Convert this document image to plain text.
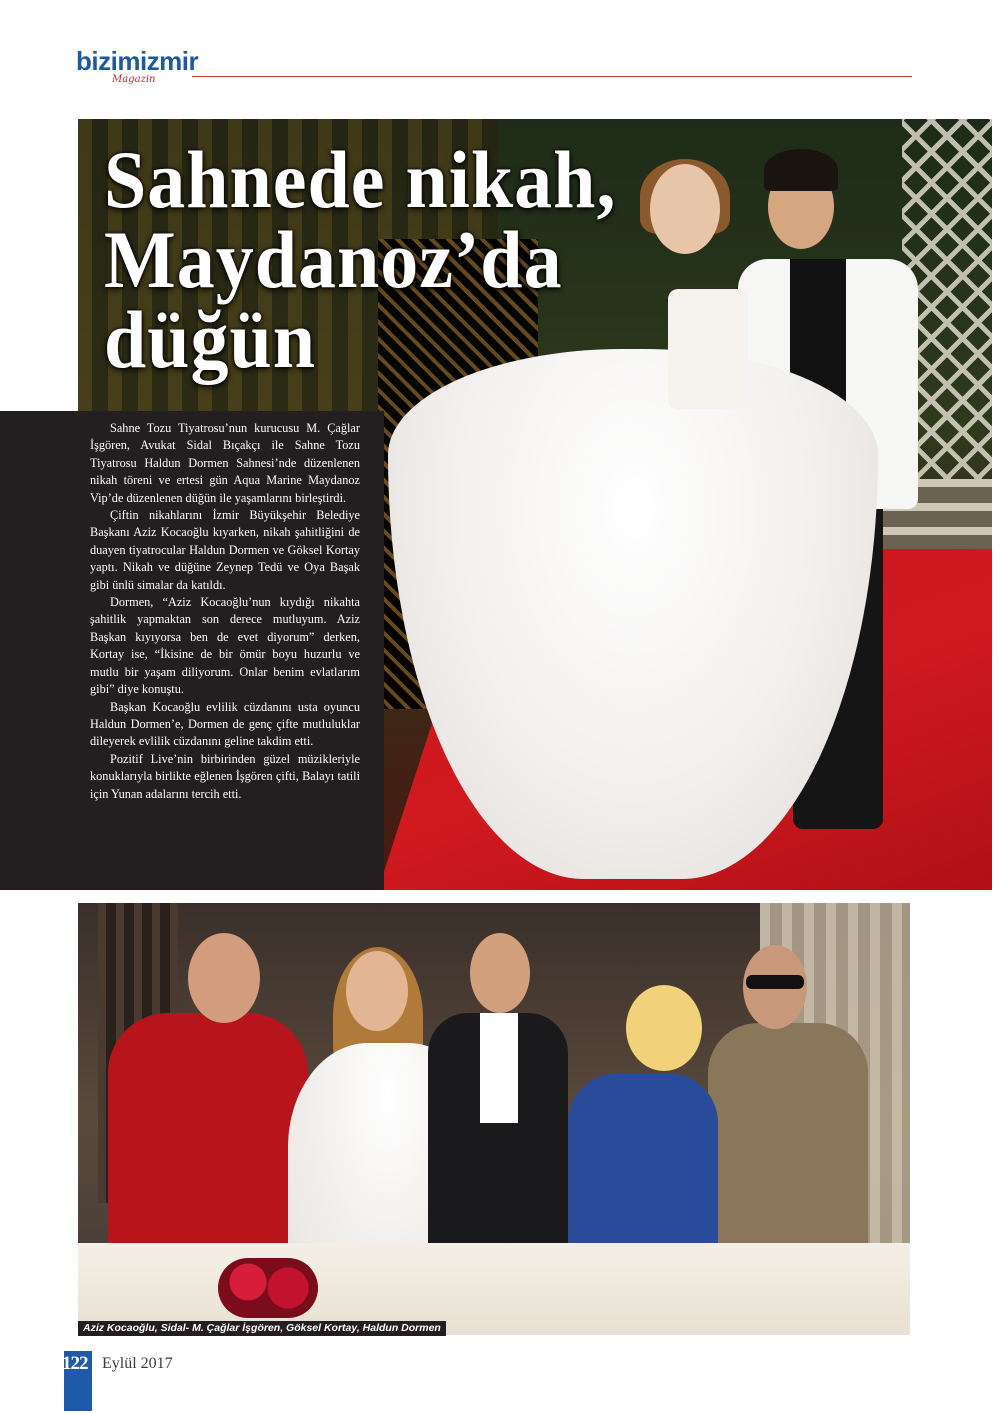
bizimizmir
Magazin
Sahnede nikah,
Maydanoz’da
düğün

Sahne Tozu Tiyatrosu’nun kurucusu M. Çağlar İşgören, Avukat Sidal Bıçakçı ile Sahne Tozu Tiyatrosu Haldun Dormen Sahnesi’nde düzenlenen nikah töreni ve ertesi gün Aqua Marine Maydanoz Vip’de düzenlenen düğün ile yaşamlarını birleştirdi.

Çiftin nikahlarını İzmir Büyükşehir Belediye Başkanı Aziz Kocaoğlu kıyarken, nikah şahitliğini de duayen tiyatrocular Haldun Dormen ve Göksel Kortay yaptı. Nikah ve düğüne Zeynep Tedü ve Oya Başak gibi ünlü simalar da katıldı.

Dormen, “Aziz Kocaoğlu’nun kıydığı nikahta şahitlik yapmaktan son derece mutluyum. Aziz Başkan kıyıyorsa ben de evet diyorum” derken, Kortay ise, “İkisine de bir ömür boyu huzurlu ve mutlu bir yaşam diliyorum. Onlar benim evlatlarım gibi” diye konuştu.

Başkan Kocaoğlu evlilik cüzdanını usta oyuncu Haldun Dormen’e, Dormen de genç çifte mutluluklar dileyerek evlilik cüzdanını geline takdim etti.

Pozitif Live’nin birbirinden güzel müzikleriyle konuklarıyla birlikte eğlenen İşgören çifti, Balayı tatili için Yunan adalarını tercih etti.

Aziz Kocaoğlu, Sidal- M. Çağlar İşgören, Göksel Kortay, Haldun Dormen
122 Eylül 2017
